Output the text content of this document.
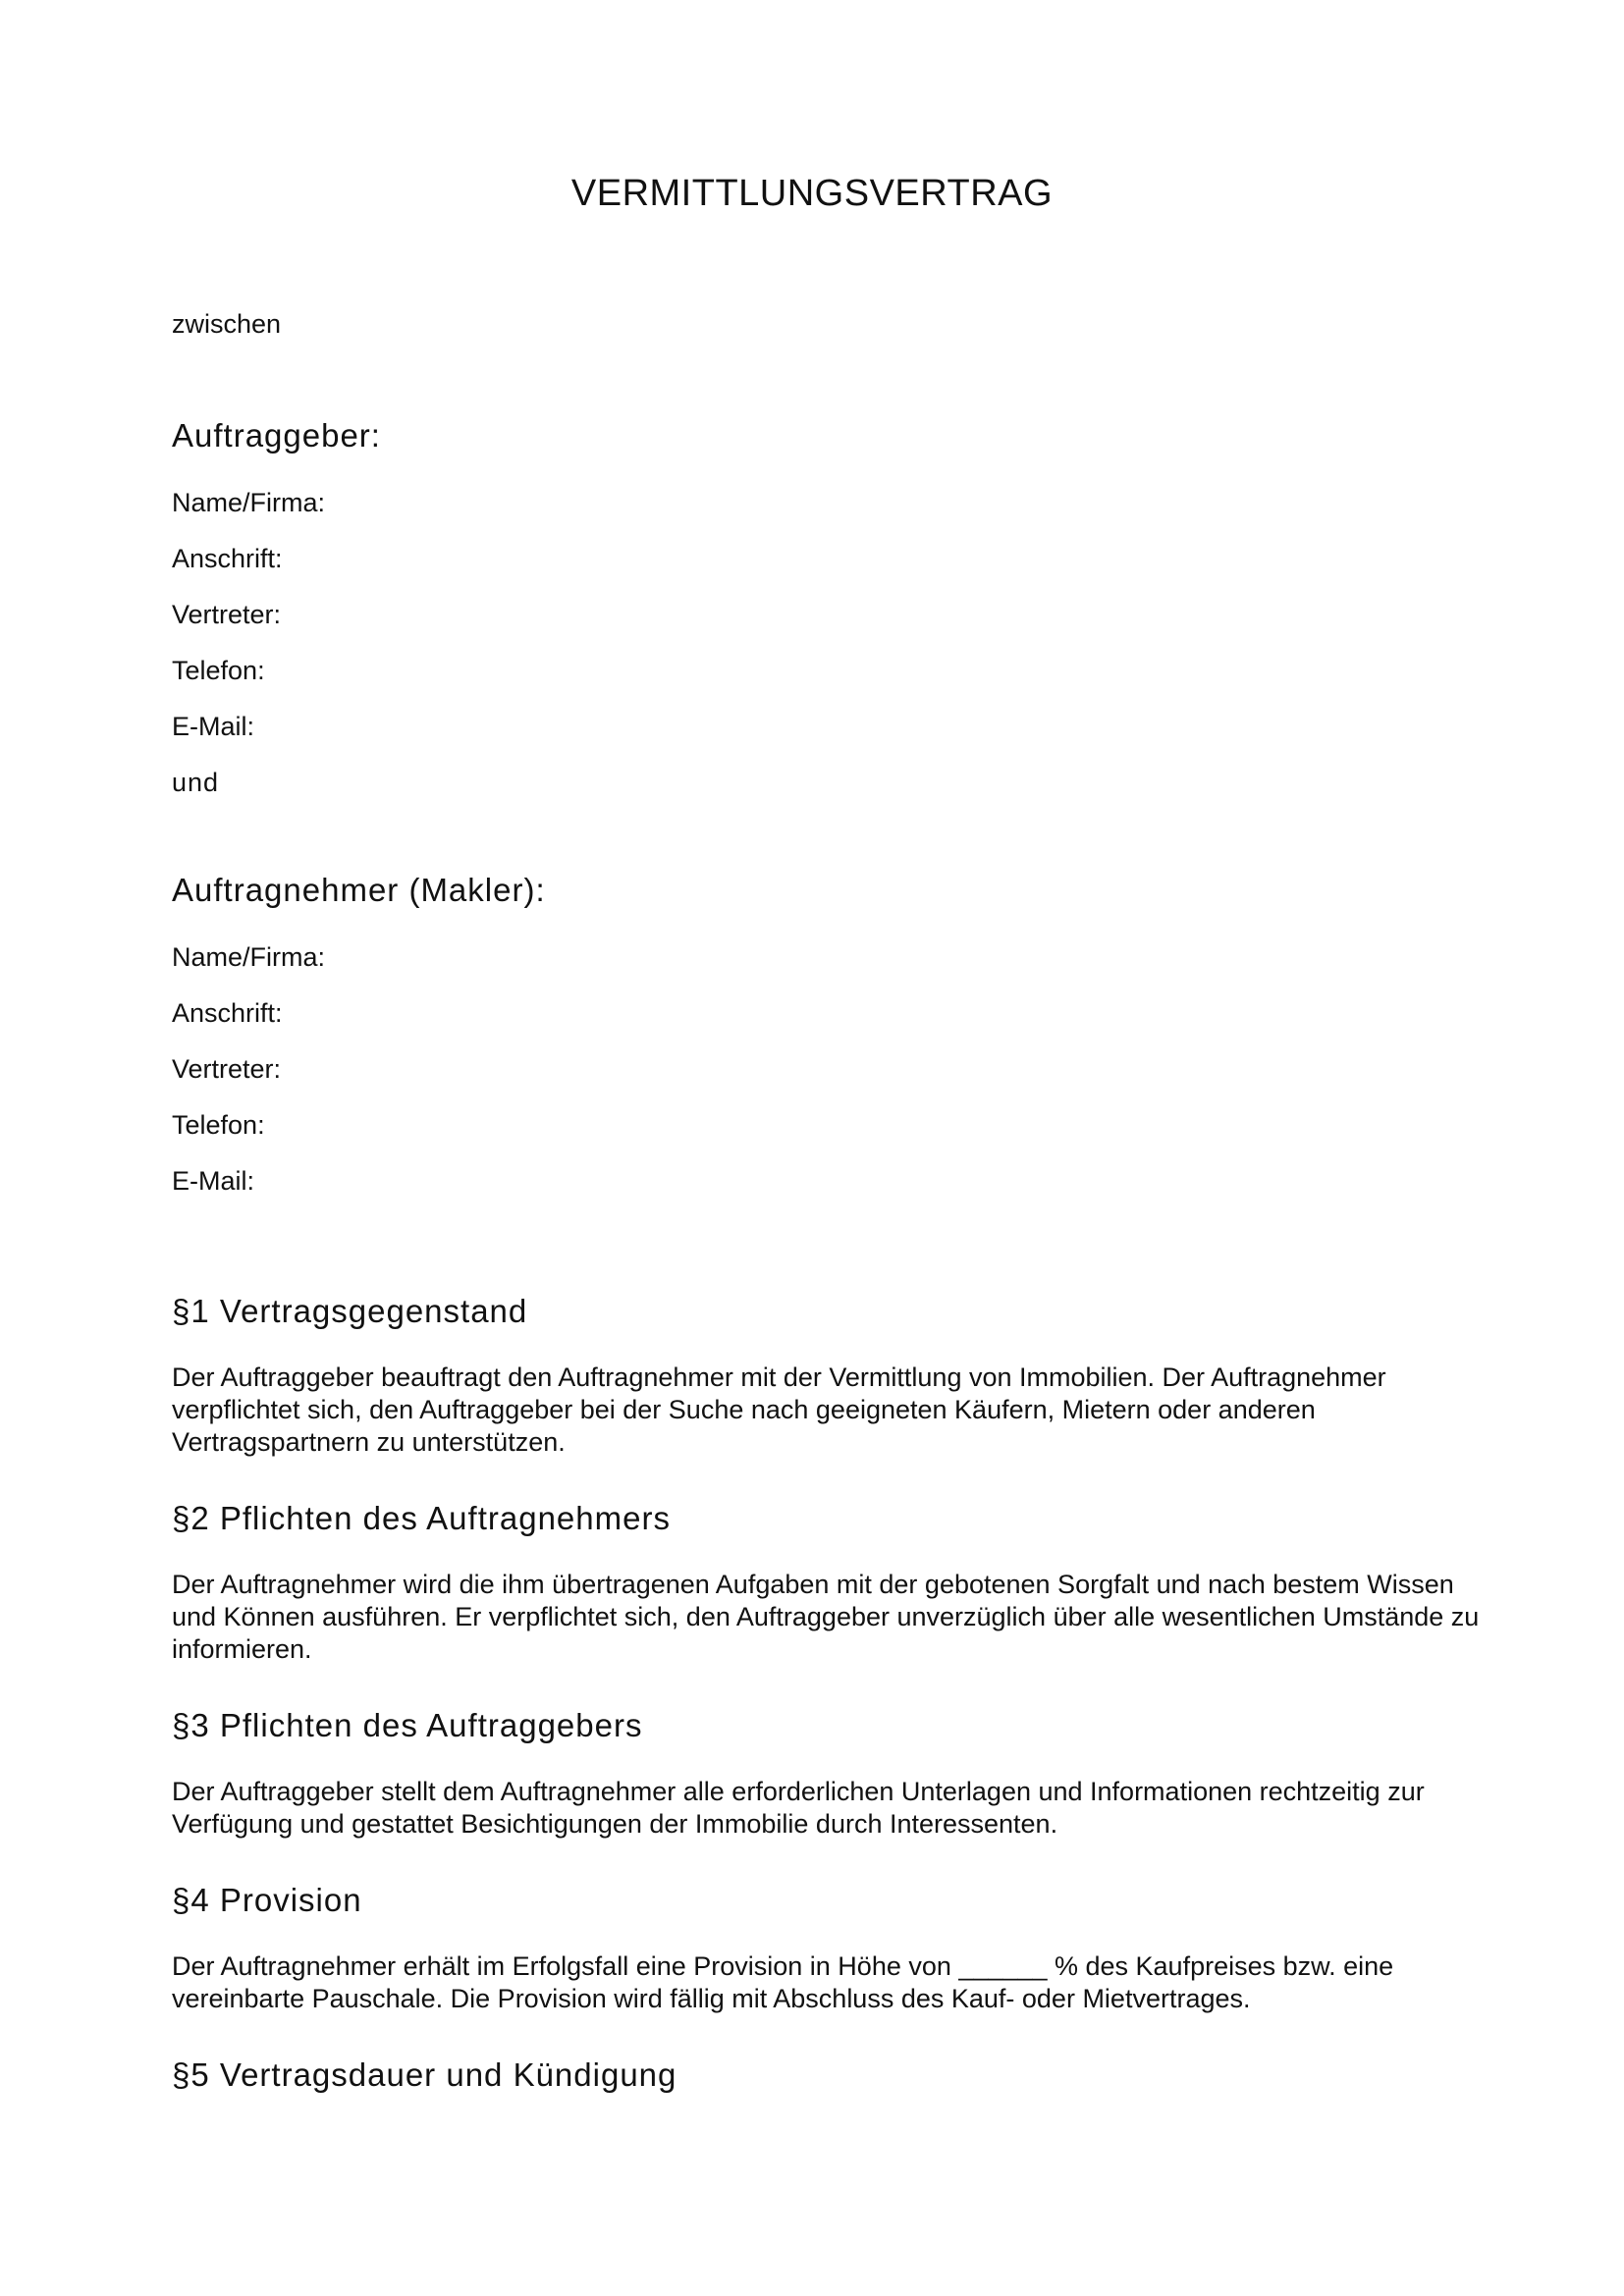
VERMITTLUNGSVERTRAG

zwischen

Auftraggeber:
Name/Firma:
Anschrift:
Vertreter:
Telefon:
E-Mail:

und

Auftragnehmer (Makler):
Name/Firma:
Anschrift:
Vertreter:
Telefon:
E-Mail:
§1 Vertragsgegenstand

Der Auftraggeber beauftragt den Auftragnehmer mit der Vermittlung von Immobilien. Der Auftragnehmer verpflichtet sich, den Auftraggeber bei der Suche nach geeigneten Käufern, Mietern oder anderen Vertragspartnern zu unterstützen.

§2 Pflichten des Auftragnehmers

Der Auftragnehmer wird die ihm übertragenen Aufgaben mit der gebotenen Sorgfalt und nach bestem Wissen und Können ausführen. Er verpflichtet sich, den Auftraggeber unverzüglich über alle wesentlichen Umstände zu informieren.

§3 Pflichten des Auftraggebers

Der Auftraggeber stellt dem Auftragnehmer alle erforderlichen Unterlagen und Informationen rechtzeitig zur Verfügung und gestattet Besichtigungen der Immobilie durch Interessenten.

§4 Provision

Der Auftragnehmer erhält im Erfolgsfall eine Provision in Höhe von ______ % des Kaufpreises bzw. eine vereinbarte Pauschale. Die Provision wird fällig mit Abschluss des Kauf- oder Mietvertrages.

§5 Vertragsdauer und Kündigung
